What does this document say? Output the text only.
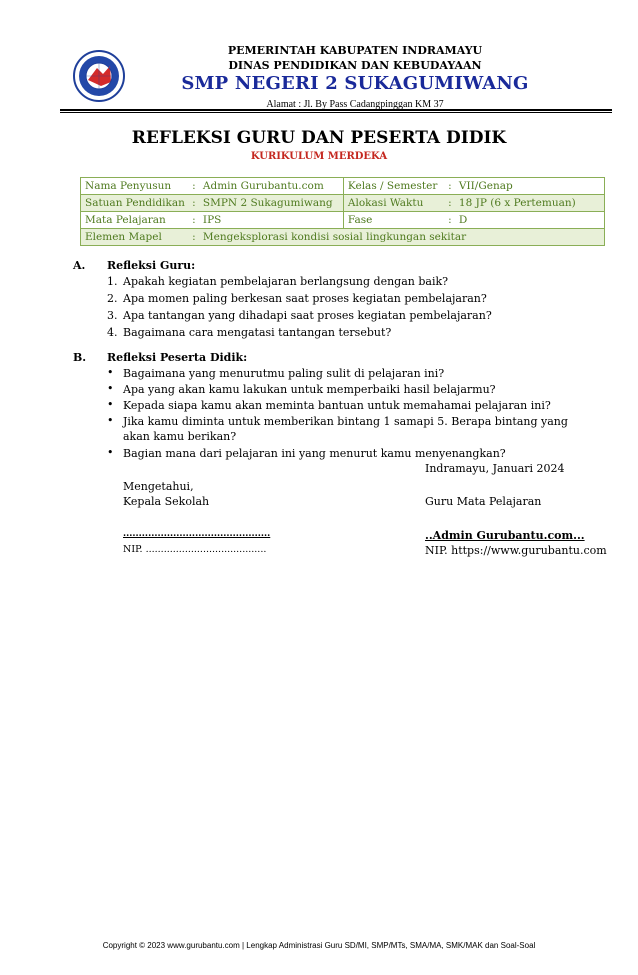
PEMERINTAH KABUPATEN INDRAMAYU
DINAS PENDIDIKAN DAN KEBUDAYAAN
SMP NEGERI 2 SUKAGUMIWANG
Alamat : Jl. By Pass Cadangpinggan KM 37
REFLEKSI GURU DAN PESERTA DIDIK
KURIKULUM MERDEKA
Nama Penyusun	:	Admin Gurubantu.com	Kelas / Semester	:	VII/Genap
Satuan Pendidikan	:	SMPN 2 Sukagumiwang	Alokasi Waktu	:	18 JP (6 x Pertemuan)
Mata Pelajaran	:	IPS	Fase	:	D
Elemen Mapel	:	Mengeksplorasi kondisi sosial lingkungan sekitar			
A. Refleksi Guru:
1. Apakah kegiatan pembelajaran berlangsung dengan baik?
2. Apa momen paling berkesan saat proses kegiatan pembelajaran?
3. Apa tantangan yang dihadapi saat proses kegiatan pembelajaran?
4. Bagaimana cara mengatasi tantangan tersebut?
B. Refleksi Peserta Didik:
• Bagaimana yang menurutmu paling sulit di pelajaran ini?
• Apa yang akan kamu lakukan untuk memperbaiki hasil belajarmu?
• Kepada siapa kamu akan meminta bantuan untuk memahamai pelajaran ini?
• Jika kamu diminta untuk memberikan bintang 1 samapi 5. Berapa bintang yang akan kamu berikan?
• Bagian mana dari pelajaran ini yang menurut kamu menyenangkan?
Indramayu, Januari 2024
Mengetahui,
Kepala Sekolah	Guru Mata Pelajaran
...............................................
NIP. ........................................
..Admin Gurubantu.com...
NIP. https://www.gurubantu.com
Copyright © 2023 www.gurubantu.com | Lengkap Administrasi Guru SD/MI, SMP/MTs, SMA/MA, SMK/MAK dan Soal-Soal
